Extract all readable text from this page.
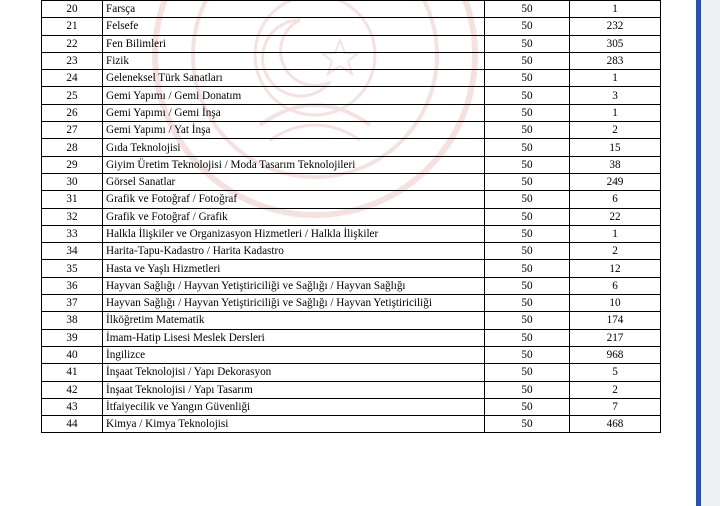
20	Farsça	50	1
21	Felsefe	50	232
22	Fen Bilimleri	50	305
23	Fizik	50	283
24	Geleneksel Türk Sanatları	50	1
25	Gemi Yapımı / Gemi Donatım	50	3
26	Gemi Yapımı / Gemi İnşa	50	1
27	Gemi Yapımı / Yat İnşa	50	2
28	Gıda Teknolojisi	50	15
29	Giyim Üretim Teknolojisi / Moda Tasarım Teknolojileri	50	38
30	Görsel Sanatlar	50	249
31	Grafik ve Fotoğraf / Fotoğraf	50	6
32	Grafik ve Fotoğraf / Grafik	50	22
33	Halkla İlişkiler ve Organizasyon Hizmetleri / Halkla İlişkiler	50	1
34	Harita-Tapu-Kadastro / Harita Kadastro	50	2
35	Hasta ve Yaşlı Hizmetleri	50	12
36	Hayvan Sağlığı / Hayvan Yetiştiriciliği ve Sağlığı / Hayvan Sağlığı	50	6
37	Hayvan Sağlığı / Hayvan Yetiştiriciliği ve Sağlığı / Hayvan Yetiştiriciliği	50	10
38	İlköğretim Matematik	50	174
39	İmam-Hatip Lisesi Meslek Dersleri	50	217
40	İngilizce	50	968
41	İnşaat Teknolojisi / Yapı Dekorasyon	50	5
42	İnşaat Teknolojisi / Yapı Tasarım	50	2
43	İtfaiyecilik ve Yangın Güvenliği	50	7
44	Kimya / Kimya Teknolojisi	50	468
